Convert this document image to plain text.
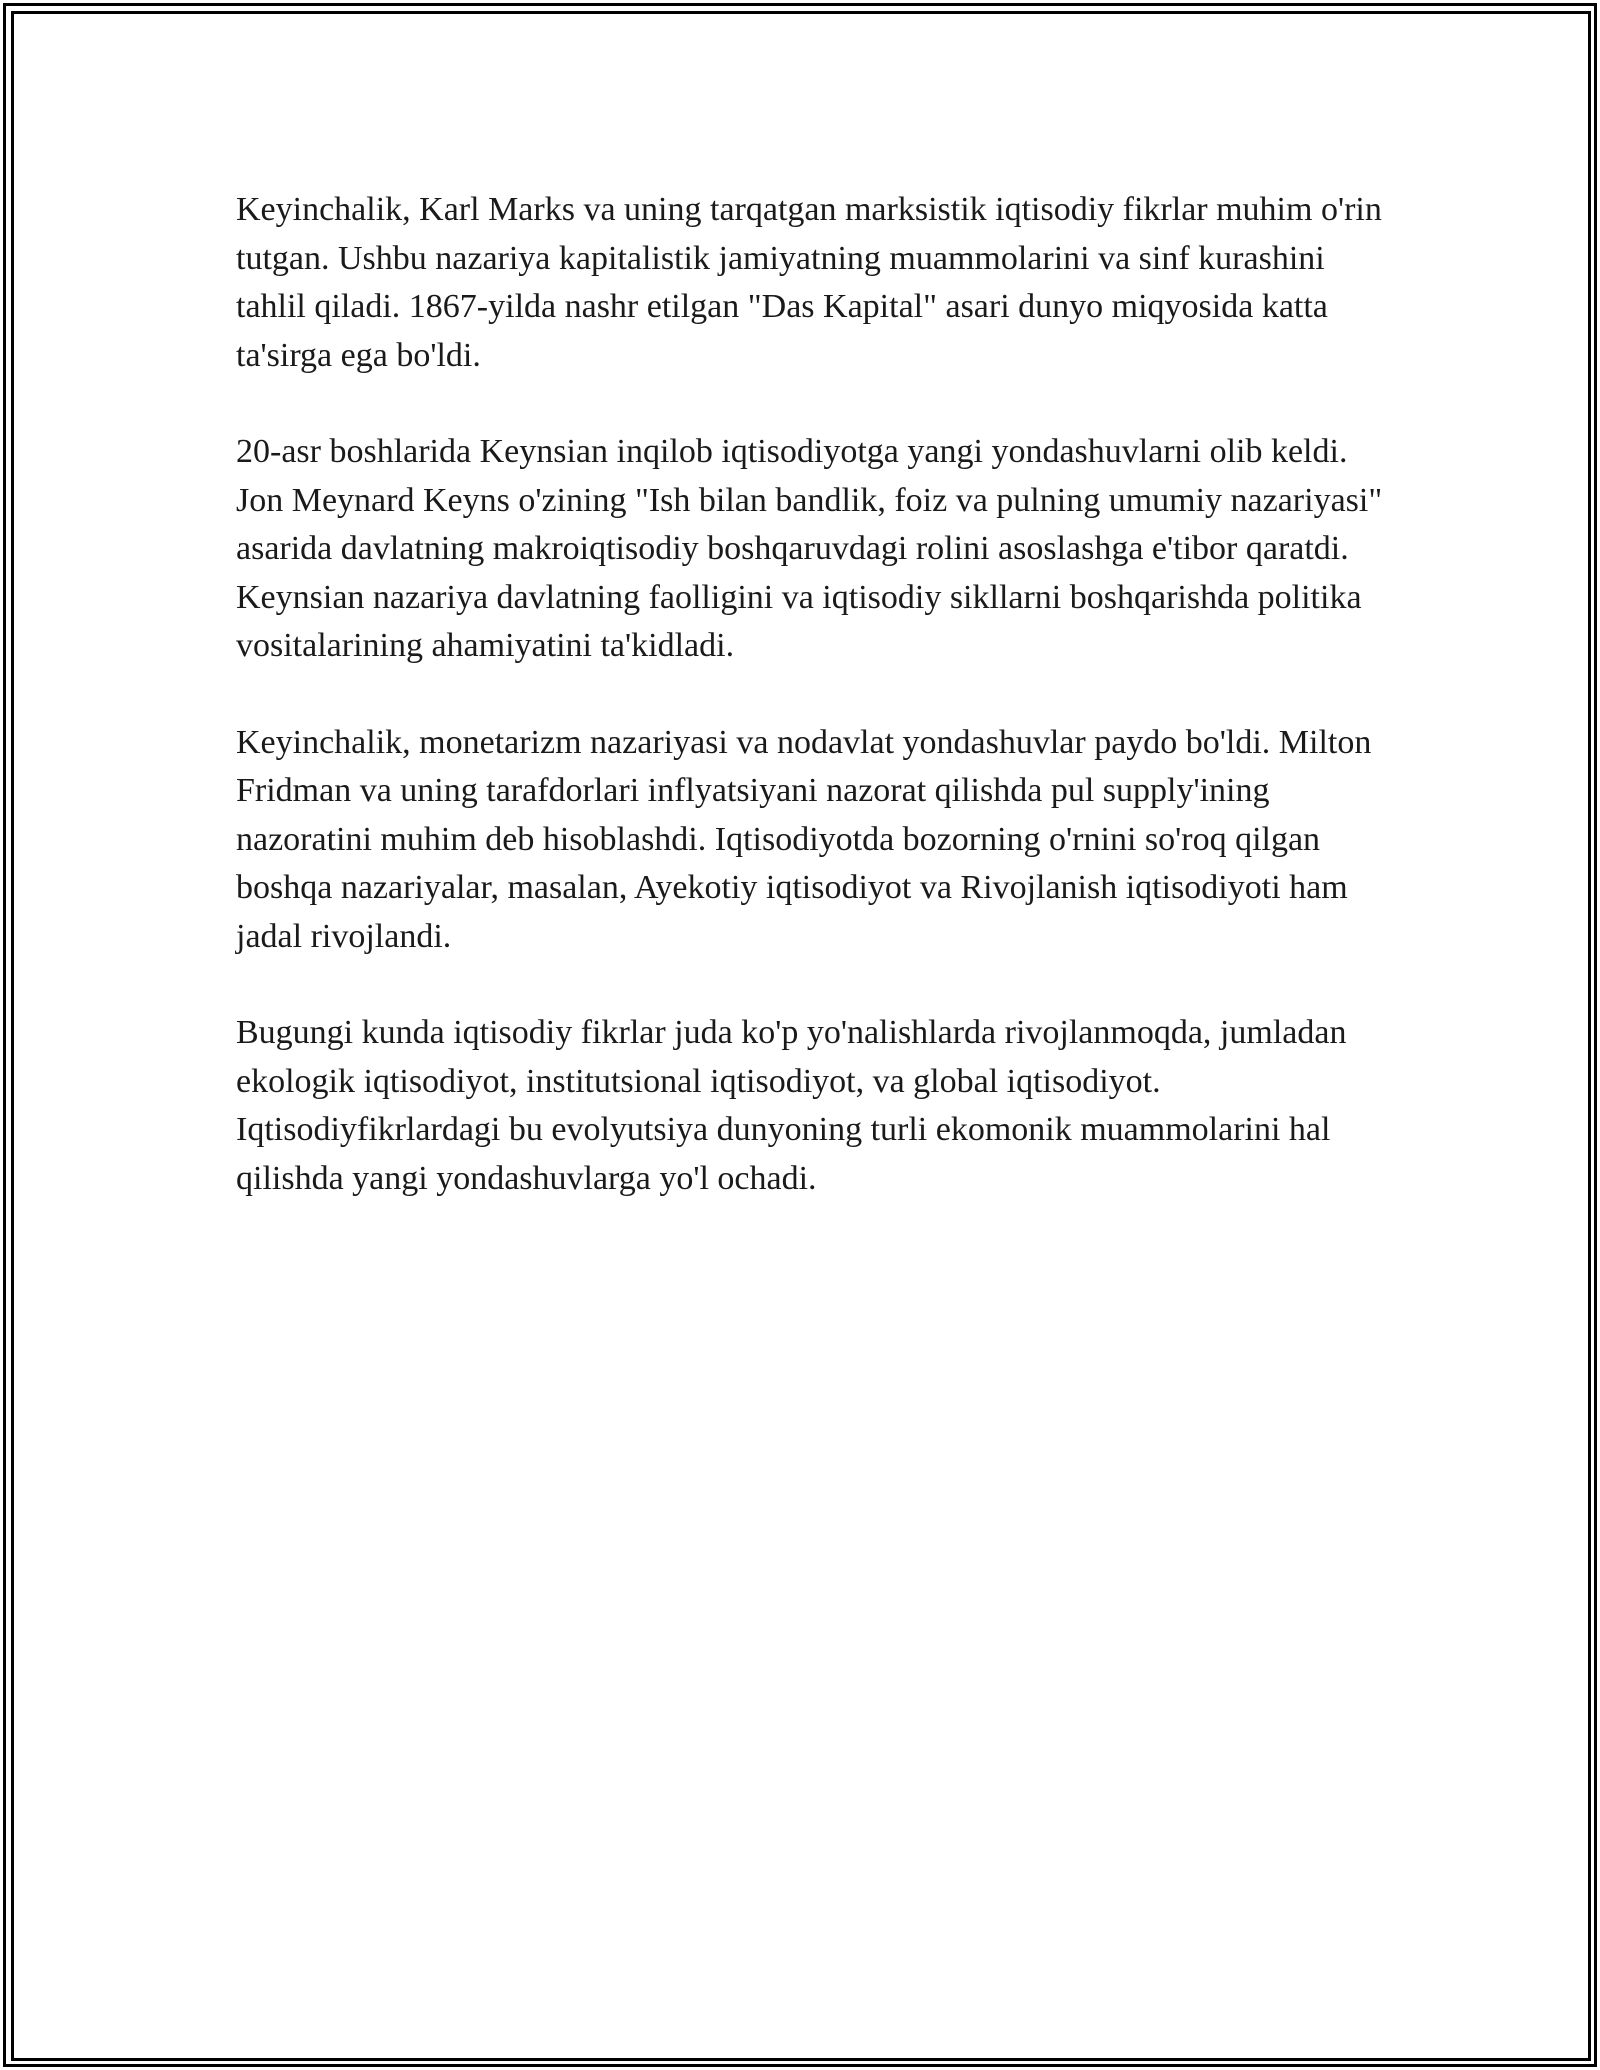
Keyinchalik, Karl Marks va uning tarqatgan marksistik iqtisodiy fikrlar muhim o'rin tutgan. Ushbu nazariya kapitalistik jamiyatning muammolarini va sinf kurashini tahlil qiladi. 1867-yilda nashr etilgan "Das Kapital" asari dunyo miqyosida katta ta'sirga ega bo'ldi.

20-asr boshlarida Keynsian inqilob iqtisodiyotga yangi yondashuvlarni olib keldi. Jon Meynard Keyns o'zining "Ish bilan bandlik, foiz va pulning umumiy nazariyasi" asarida davlatning makroiqtisodiy boshqaruvdagi rolini asoslashga e'tibor qaratdi. Keynsian nazariya davlatning faolligini va iqtisodiy sikllarni boshqarishda politika vositalarining ahamiyatini ta'kidladi.

Keyinchalik, monetarizm nazariyasi va nodavlat yondashuvlar paydo bo'ldi. Milton Fridman va uning tarafdorlari inflyatsiyani nazorat qilishda pul supply'ining nazoratini muhim deb hisoblashdi. Iqtisodiyotda bozorning o'rnini so'roq qilgan boshqa nazariyalar, masalan, Ayekotiy iqtisodiyot va Rivojlanish iqtisodiyoti ham jadal rivojlandi.

Bugungi kunda iqtisodiy fikrlar juda ko'p yo'nalishlarda rivojlanmoqda, jumladan ekologik iqtisodiyot, institutsional iqtisodiyot, va global iqtisodiyot. Iqtisodiyfikrlardagi bu evolyutsiya dunyoning turli ekomonik muammolarini hal qilishda yangi yondashuvlarga yo'l ochadi.
